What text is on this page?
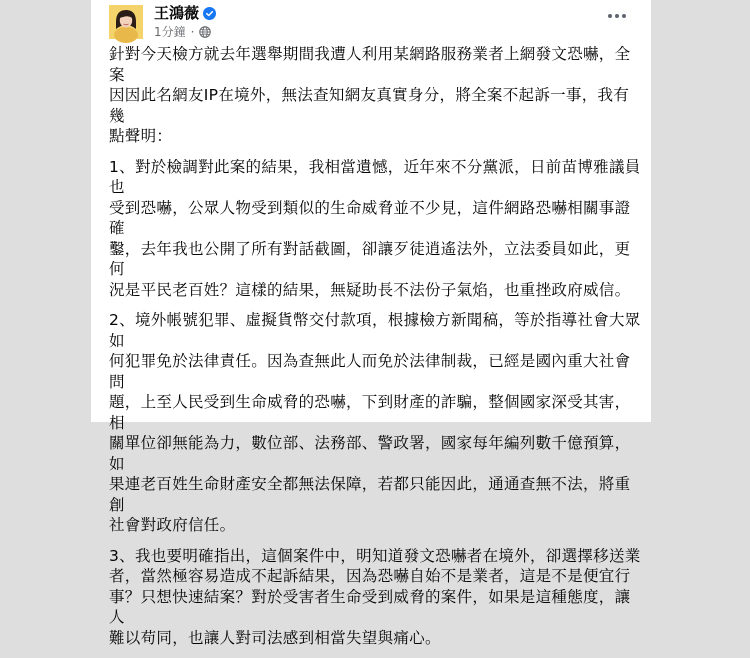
王鴻薇
1分鐘 ·

針對今天檢方就去年選舉期間我遭人利用某網路服務業者上網發文恐嚇，全案
因因此名網友IP在境外，無法查知網友真實身分，將全案不起訴一事，我有幾
點聲明：

1、對於檢調對此案的結果，我相當遺憾，近年來不分黨派，日前苗博雅議員也
受到恐嚇，公眾人物受到類似的生命威脅並不少見，這件網路恐嚇相關事證確
鑿，去年我也公開了所有對話截圖，卻讓歹徒逍遙法外，立法委員如此，更何
況是平民老百姓？這樣的結果，無疑助長不法份子氣焰，也重挫政府威信。

2、境外帳號犯罪、虛擬貨幣交付款項，根據檢方新聞稿，等於指導社會大眾如
何犯罪免於法律責任。因為查無此人而免於法律制裁，已經是國內重大社會問
題，上至人民受到生命威脅的恐嚇，下到財產的詐騙，整個國家深受其害，相
關單位卻無能為力，數位部、法務部、警政署，國家每年編列數千億預算，如
果連老百姓生命財產安全都無法保障，若都只能因此，通通查無不法，將重創
社會對政府信任。

3、我也要明確指出，這個案件中，明知道發文恐嚇者在境外，卻選擇移送業
者，當然極容易造成不起訴結果，因為恐嚇自始不是業者，這是不是便宜行
事？只想快速結案？對於受害者生命受到威脅的案件，如果是這種態度，讓人
難以苟同，也讓人對司法感到相當失望與痛心。
